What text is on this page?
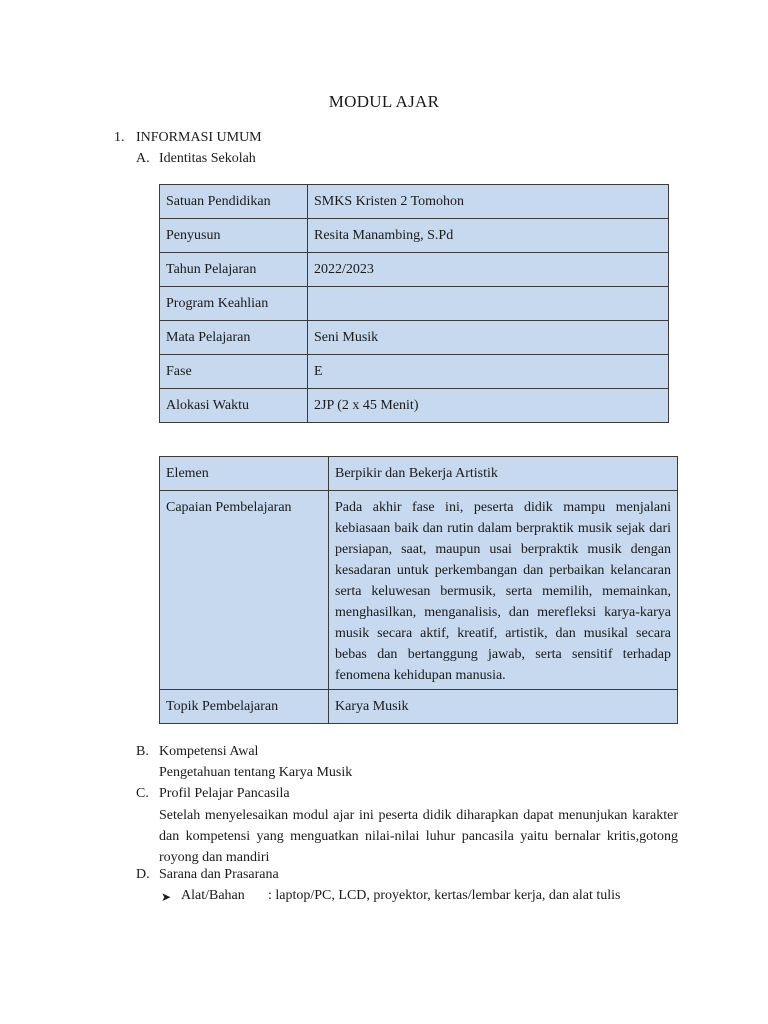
MODUL AJAR
1. INFORMASI UMUM
A. Identitas Sekolah
Satuan Pendidikan	SMKS Kristen 2 Tomohon
Penyusun	Resita Manambing, S.Pd
Tahun Pelajaran	2022/2023
Program Keahlian	
Mata Pelajaran	Seni Musik
Fase	E
Alokasi Waktu	2JP (2 x 45 Menit)
Elemen	Berpikir dan Bekerja Artistik
Capaian Pembelajaran	Pada akhir fase ini, peserta didik mampu menjalani kebiasaan baik dan rutin dalam berpraktik musik sejak dari persiapan, saat, maupun usai berpraktik musik dengan kesadaran untuk perkembangan dan perbaikan kelancaran serta keluwesan bermusik, serta memilih, memainkan, menghasilkan, menganalisis, dan merefleksi karya-karya musik secara aktif, kreatif, artistik, dan musikal secara bebas dan bertanggung jawab, serta sensitif terhadap fenomena kehidupan manusia.
Topik Pembelajaran	Karya Musik
B. Kompetensi Awal
Pengetahuan tentang Karya Musik
C. Profil Pelajar Pancasila
Setelah menyelesaikan modul ajar ini peserta didik diharapkan dapat menunjukan karakter dan kompetensi yang menguatkan nilai-nilai luhur pancasila yaitu bernalar kritis,gotong royong dan mandiri
D. Sarana dan Prasarana
➤ Alat/Bahan : laptop/PC, LCD, proyektor, kertas/lembar kerja, dan alat tulis
